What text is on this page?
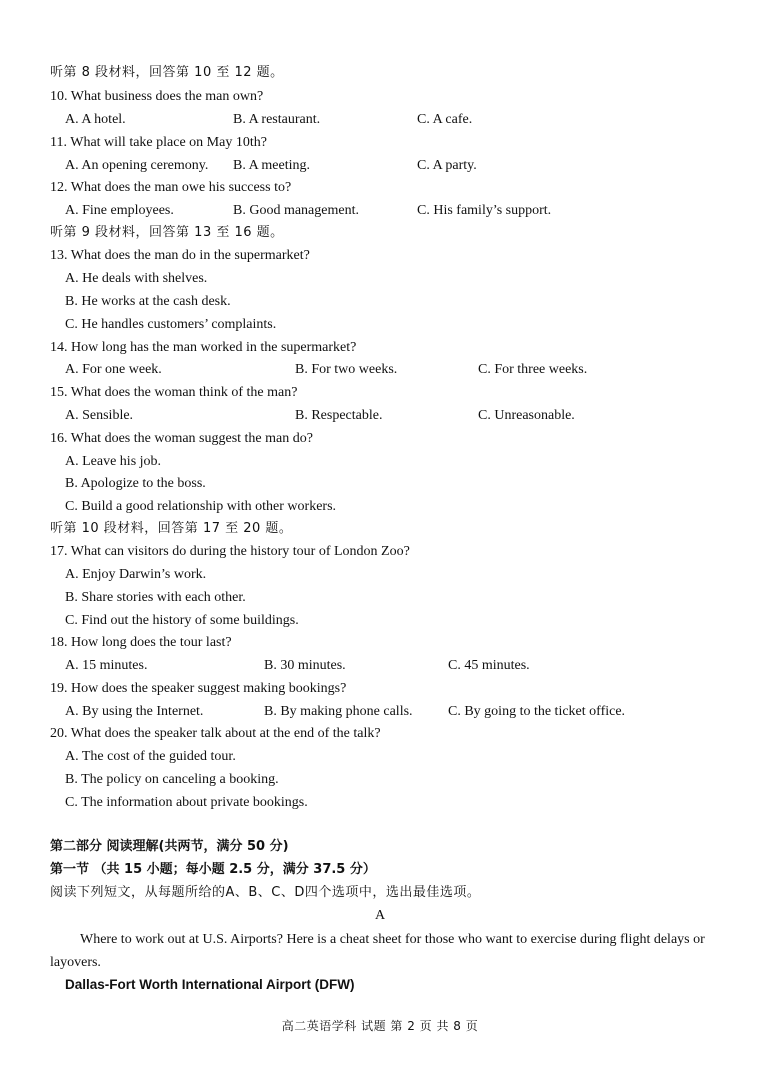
听第 8 段材料，回答第 10 至 12 题。
10. What business does the man own?
A. A hotel.	B. A restaurant.	C. A cafe.
11. What will take place on May 10th?
A. An opening ceremony. B. A meeting.	C. A party.
12. What does the man owe his success to?
A. Fine employees.	B. Good management.	C. His family’s support.
听第 9 段材料，回答第 13 至 16 题。
13. What does the man do in the supermarket?
A. He deals with shelves.
B. He works at the cash desk.
C. He handles customers’ complaints.
14. How long has the man worked in the supermarket?
A. For one week.	B. For two weeks.	C. For three weeks.
15. What does the woman think of the man?
A. Sensible.	B. Respectable.	C. Unreasonable.
16. What does the woman suggest the man do?
A. Leave his job.
B. Apologize to the boss.
C. Build a good relationship with other workers.
听第 10 段材料，回答第 17 至 20 题。
17. What can visitors do during the history tour of London Zoo?
A. Enjoy Darwin’s work.
B. Share stories with each other.
C. Find out the history of some buildings.
18. How long does the tour last?
A. 15 minutes.	B. 30 minutes.	C. 45 minutes.
19. How does the speaker suggest making bookings?
A. By using the Internet.	B. By making phone calls.	C. By going to the ticket office.
20. What does the speaker talk about at the end of the talk?
A. The cost of the guided tour.
B. The policy on canceling a booking.
C. The information about private bookings.
第二部分 阅读理解(共两节，满分 50 分)
第一节 （共 15 小题；每小题 2.5 分，满分 37.5 分）
阅读下列短文，从每题所给的A、B、C、D四个选项中，选出最佳选项。
A
Where to work out at U.S. Airports? Here is a cheat sheet for those who want to exercise during flight delays or layovers.
Dallas-Fort Worth International Airport (DFW)
高二英语学科 试题 第 2 页 共 8 页
